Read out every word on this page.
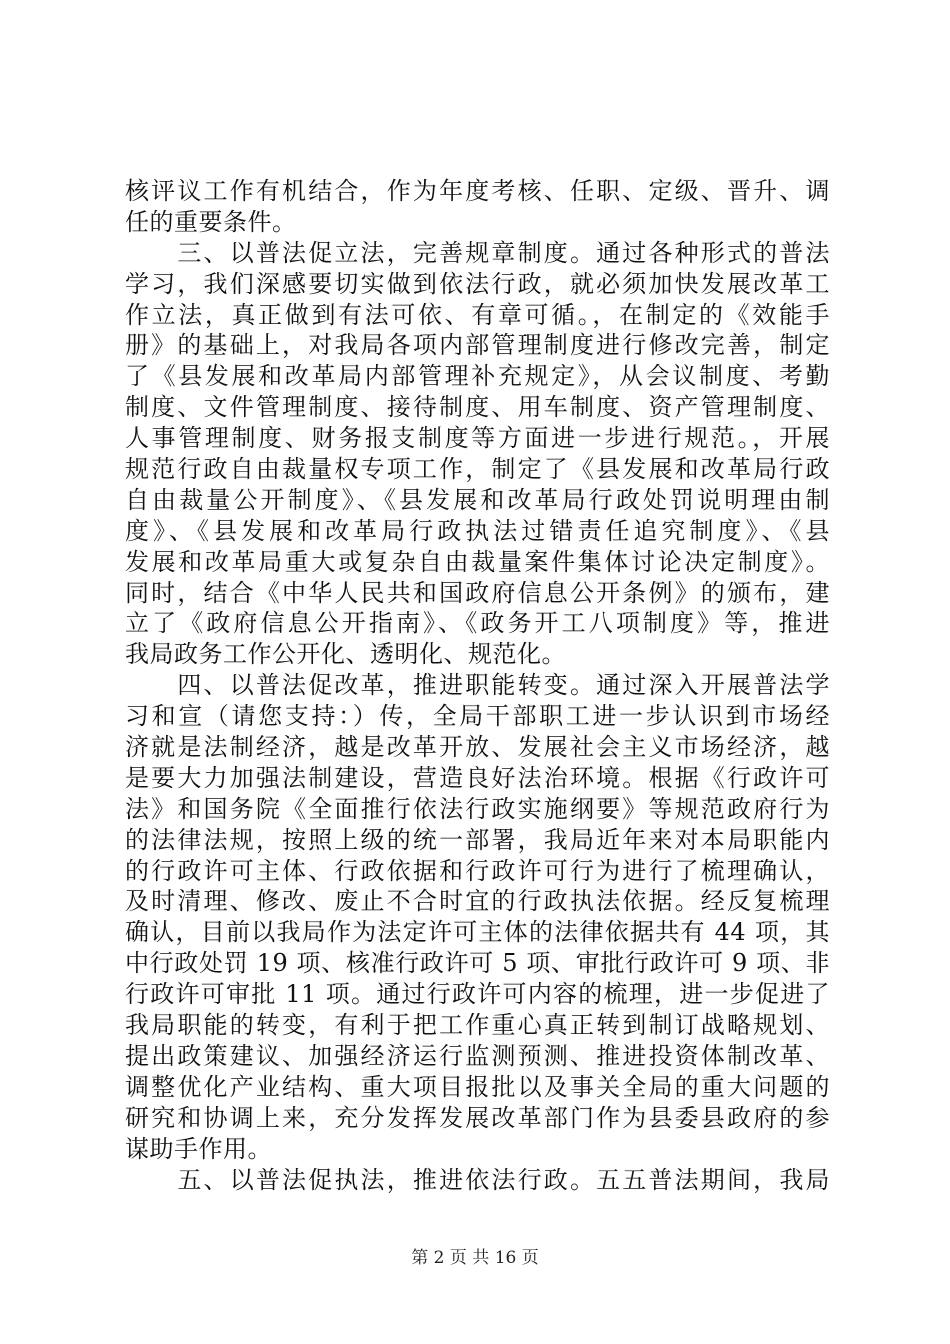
核评议工作有机结合，作为年度考核、任职、定级、晋升、调
任的重要条件。
　　三、以普法促立法，完善规章制度。通过各种形式的普法
学习，我们深感要切实做到依法行政，就必须加快发展改革工
作立法，真正做到有法可依、有章可循。，在制定的《效能手
册》的基础上，对我局各项内部管理制度进行修改完善，制定
了《县发展和改革局内部管理补充规定》，从会议制度、考勤
制度、文件管理制度、接待制度、用车制度、资产管理制度、
人事管理制度、财务报支制度等方面进一步进行规范。，开展
规范行政自由裁量权专项工作，制定了《县发展和改革局行政
自由裁量公开制度》、《县发展和改革局行政处罚说明理由制
度》、《县发展和改革局行政执法过错责任追究制度》、《县
发展和改革局重大或复杂自由裁量案件集体讨论决定制度》。
同时，结合《中华人民共和国政府信息公开条例》的颁布，建
立了《政府信息公开指南》、《政务开工八项制度》等，推进
我局政务工作公开化、透明化、规范化。
　　四、以普法促改革，推进职能转变。通过深入开展普法学
习和宣（请您支持：）传，全局干部职工进一步认识到市场经
济就是法制经济，越是改革开放、发展社会主义市场经济，越
是要大力加强法制建设，营造良好法治环境。根据《行政许可
法》和国务院《全面推行依法行政实施纲要》等规范政府行为
的法律法规，按照上级的统一部署，我局近年来对本局职能内
的行政许可主体、行政依据和行政许可行为进行了梳理确认，
及时清理、修改、废止不合时宜的行政执法依据。经反复梳理
确认，目前以我局作为法定许可主体的法律依据共有 44 项，其
中行政处罚 19 项、核准行政许可 5 项、审批行政许可 9 项、非
行政许可审批 11 项。通过行政许可内容的梳理，进一步促进了
我局职能的转变，有利于把工作重心真正转到制订战略规划、
提出政策建议、加强经济运行监测预测、推进投资体制改革、
调整优化产业结构、重大项目报批以及事关全局的重大问题的
研究和协调上来，充分发挥发展改革部门作为县委县政府的参
谋助手作用。
　　五、以普法促执法，推进依法行政。五五普法期间，我局
第 2 页 共 16 页
